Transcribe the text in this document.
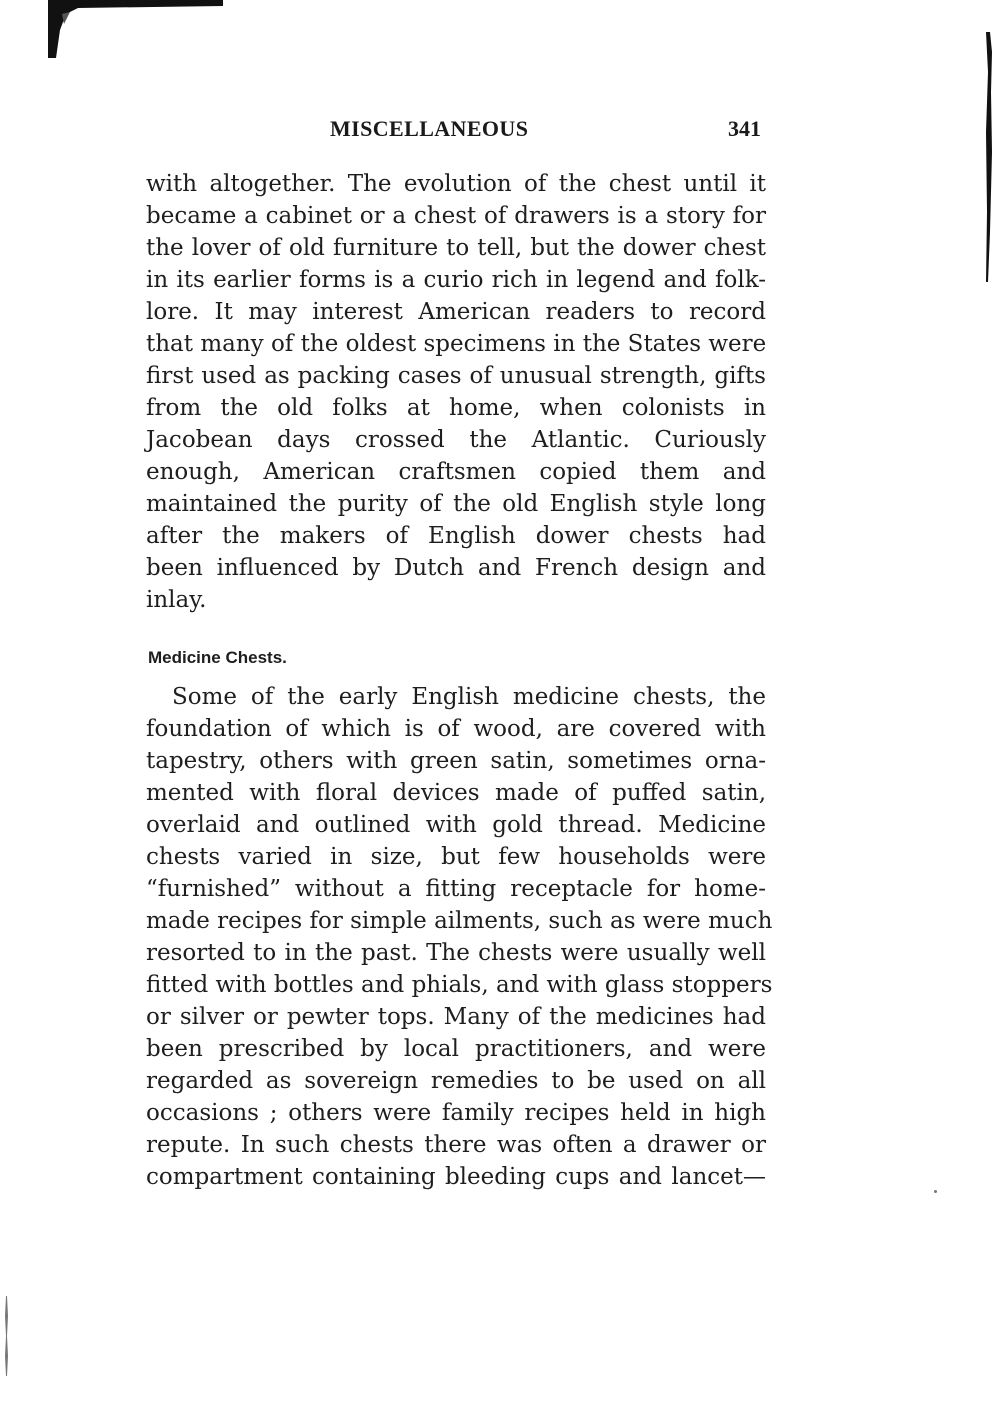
MISCELLANEOUS	341
with altogether. The evolution of the chest until it
became a cabinet or a chest of drawers is a story for
the lover of old furniture to tell, but the dower chest
in its earlier forms is a curio rich in legend and folk-
lore. It may interest American readers to record
that many of the oldest specimens in the States were
first used as packing cases of unusual strength, gifts
from the old folks at home, when colonists in
Jacobean days crossed the Atlantic. Curiously
enough, American craftsmen copied them and
maintained the purity of the old English style long
after the makers of English dower chests had
been influenced by Dutch and French design and
inlay.
Medicine Chests.
Some of the early English medicine chests, the
foundation of which is of wood, are covered with
tapestry, others with green satin, sometimes orna-
mented with floral devices made of puffed satin,
overlaid and outlined with gold thread. Medicine
chests varied in size, but few households were
“furnished” without a fitting receptacle for home-
made recipes for simple ailments, such as were much
resorted to in the past. The chests were usually well
fitted with bottles and phials, and with glass stoppers
or silver or pewter tops. Many of the medicines had
been prescribed by local practitioners, and were
regarded as sovereign remedies to be used on all
occasions ; others were family recipes held in high
repute. In such chests there was often a drawer or
compartment containing bleeding cups and lancet—
